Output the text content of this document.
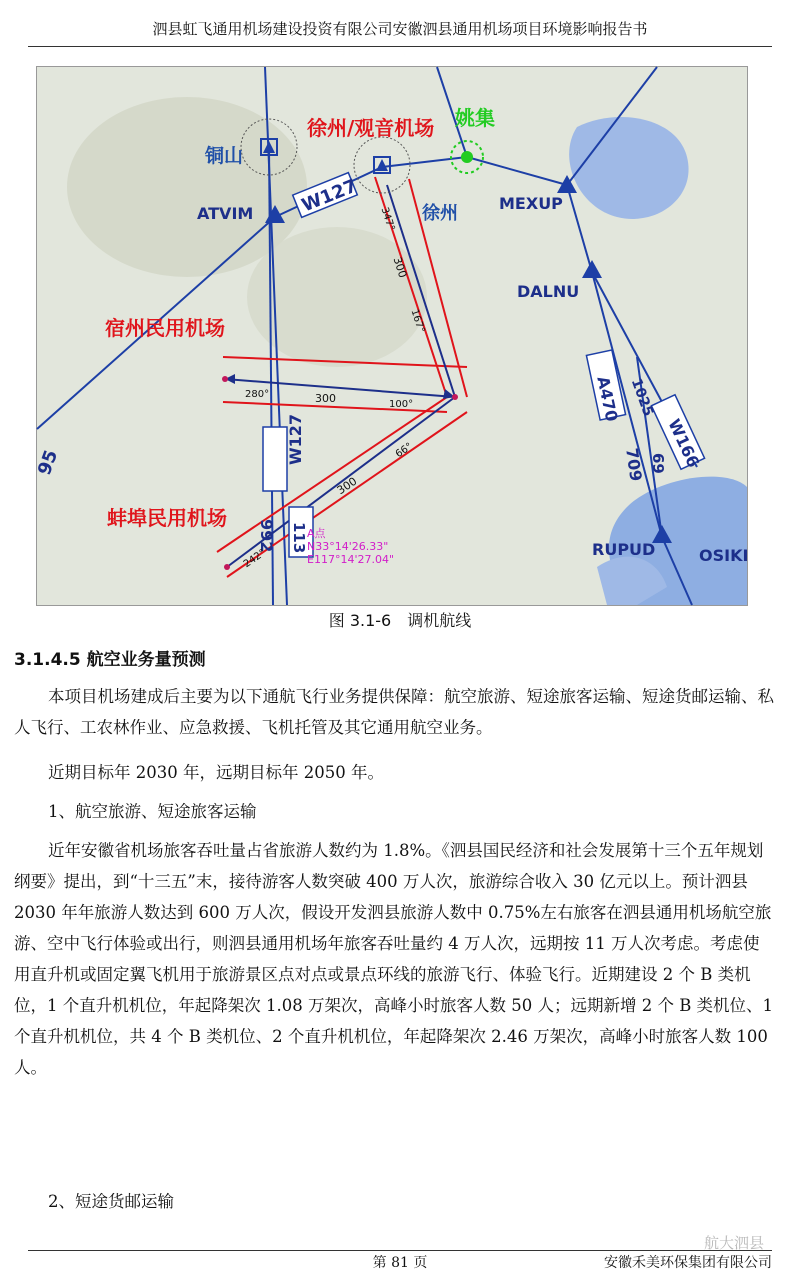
泗县虹飞通用机场建设投资有限公司安徽泗县通用机场项目环境影响报告书
铜山
徐州/观音机场 姚集
徐州
ATVIM
MEXUP
DALNU
宿州民用机场
蚌埠民用机场
RUPUD	OSIKI
W127
W127
A470 1025
W166
709 69
95
992 113 A点
N33°14'26.33"
E117°14'27.04"
347°
300
167°
280°	300	100°
66°
300
242°
图 3.1-6　调机航线
3.1.4.5 航空业务量预测

本项目机场建成后主要为以下通航飞行业务提供保障：航空旅游、短途旅客运输、短途货邮运输、私人飞行、工农林作业、应急救援、飞机托管及其它通用航空业务。

近期目标年 2030 年，远期目标年 2050 年。

1、航空旅游、短途旅客运输

近年安徽省机场旅客吞吐量占省旅游人数约为 1.8%。《泗县国民经济和社会发展第十三个五年规划纲要》提出，到“十三五”末，接待游客人数突破 400 万人次，旅游综合收入 30 亿元以上。预计泗县 2030 年年旅游人数达到 600 万人次，假设开发泗县旅游人数中 0.75%左右旅客在泗县通用机场航空旅游、空中飞行体验或出行，则泗县通用机场年旅客吞吐量约 4 万人次，远期按 11 万人次考虑。考虑使用直升机或固定翼飞机用于旅游景区点对点或景点环线的旅游飞行、体验飞行。近期建设 2 个 B 类机位，1 个直升机机位，年起降架次 1.08 万架次，高峰小时旅客人数 50 人；远期新增 2 个 B 类机位、1 个直升机机位，共 4 个 B 类机位、2 个直升机机位，年起降架次 2.46 万架次，高峰小时旅客人数 100 人。

2、短途货邮运输

航大泗县
第 81 页	安徽禾美环保集团有限公司
